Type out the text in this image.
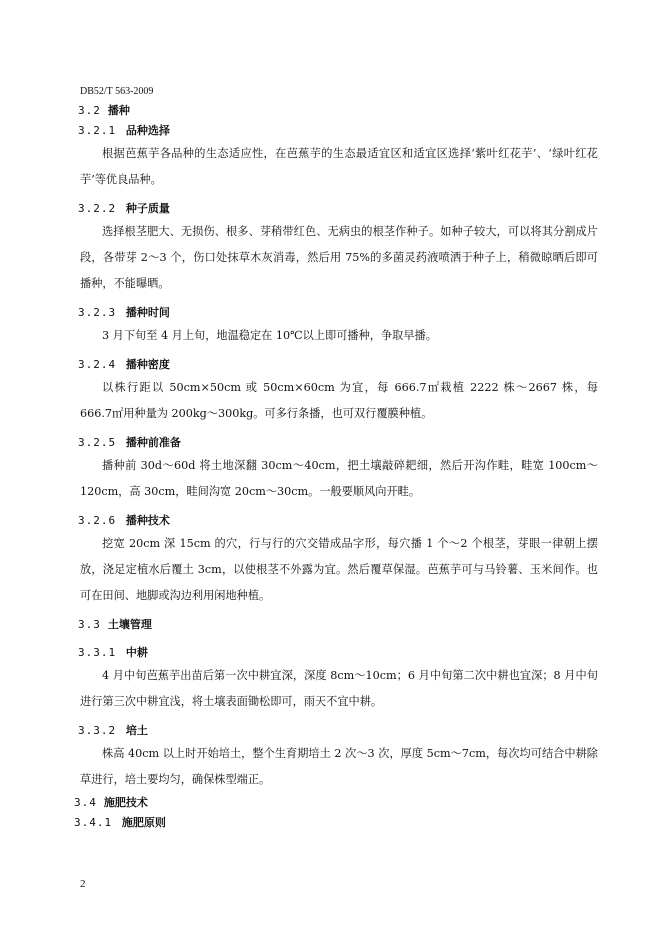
DB52/T 563-2009
3.2 播种
3.2.1 品种选择
根据芭蕉芋各品种的生态适应性，在芭蕉芋的生态最适宜区和适宜区选择‘紫叶红花芋’、‘绿叶红花芋’等优良品种。
3.2.2 种子质量
选择根茎肥大、无损伤、根多、芽稍带红色、无病虫的根茎作种子。如种子较大，可以将其分割成片段，各带芽 2～3 个，伤口处抹草木灰消毒，然后用 75%的多菌灵药液喷洒于种子上，稍微晾晒后即可播种，不能曝晒。
3.2.3 播种时间
3 月下旬至 4 月上旬，地温稳定在 10℃以上即可播种，争取早播。
3.2.4 播种密度
以株行距以 50cm×50cm 或 50cm×60cm 为宜，每 666.7㎡栽植 2222 株～2667 株，每 666.7㎡用种量为 200kg～300kg。可多行条播，也可双行覆膜种植。
3.2.5 播种前准备
播种前 30d～60d 将土地深翻 30cm～40cm，把土壤敲碎耙细，然后开沟作畦，畦宽 100cm～120cm，高 30cm，畦间沟宽 20cm～30cm。一般要顺风向开畦。
3.2.6 播种技术
挖宽 20cm 深 15cm 的穴，行与行的穴交错成品字形，每穴播 1 个～2 个根茎，芽眼一律朝上摆放，浇足定植水后覆土 3cm，以使根茎不外露为宜。然后覆草保湿。芭蕉芋可与马铃薯、玉米间作。也可在田间、地脚或沟边利用闲地种植。
3.3 土壤管理
3.3.1 中耕
4 月中旬芭蕉芋出苗后第一次中耕宜深，深度 8cm～10cm；6 月中旬第二次中耕也宜深；8 月中旬进行第三次中耕宜浅，将土壤表面锄松即可，雨天不宜中耕。
3.3.2 培土
株高 40cm 以上时开始培土，整个生育期培土 2 次～3 次，厚度 5cm～7cm，每次均可结合中耕除草进行，培土要均匀，确保株型端正。
3.4 施肥技术
3.4.1 施肥原则
2
